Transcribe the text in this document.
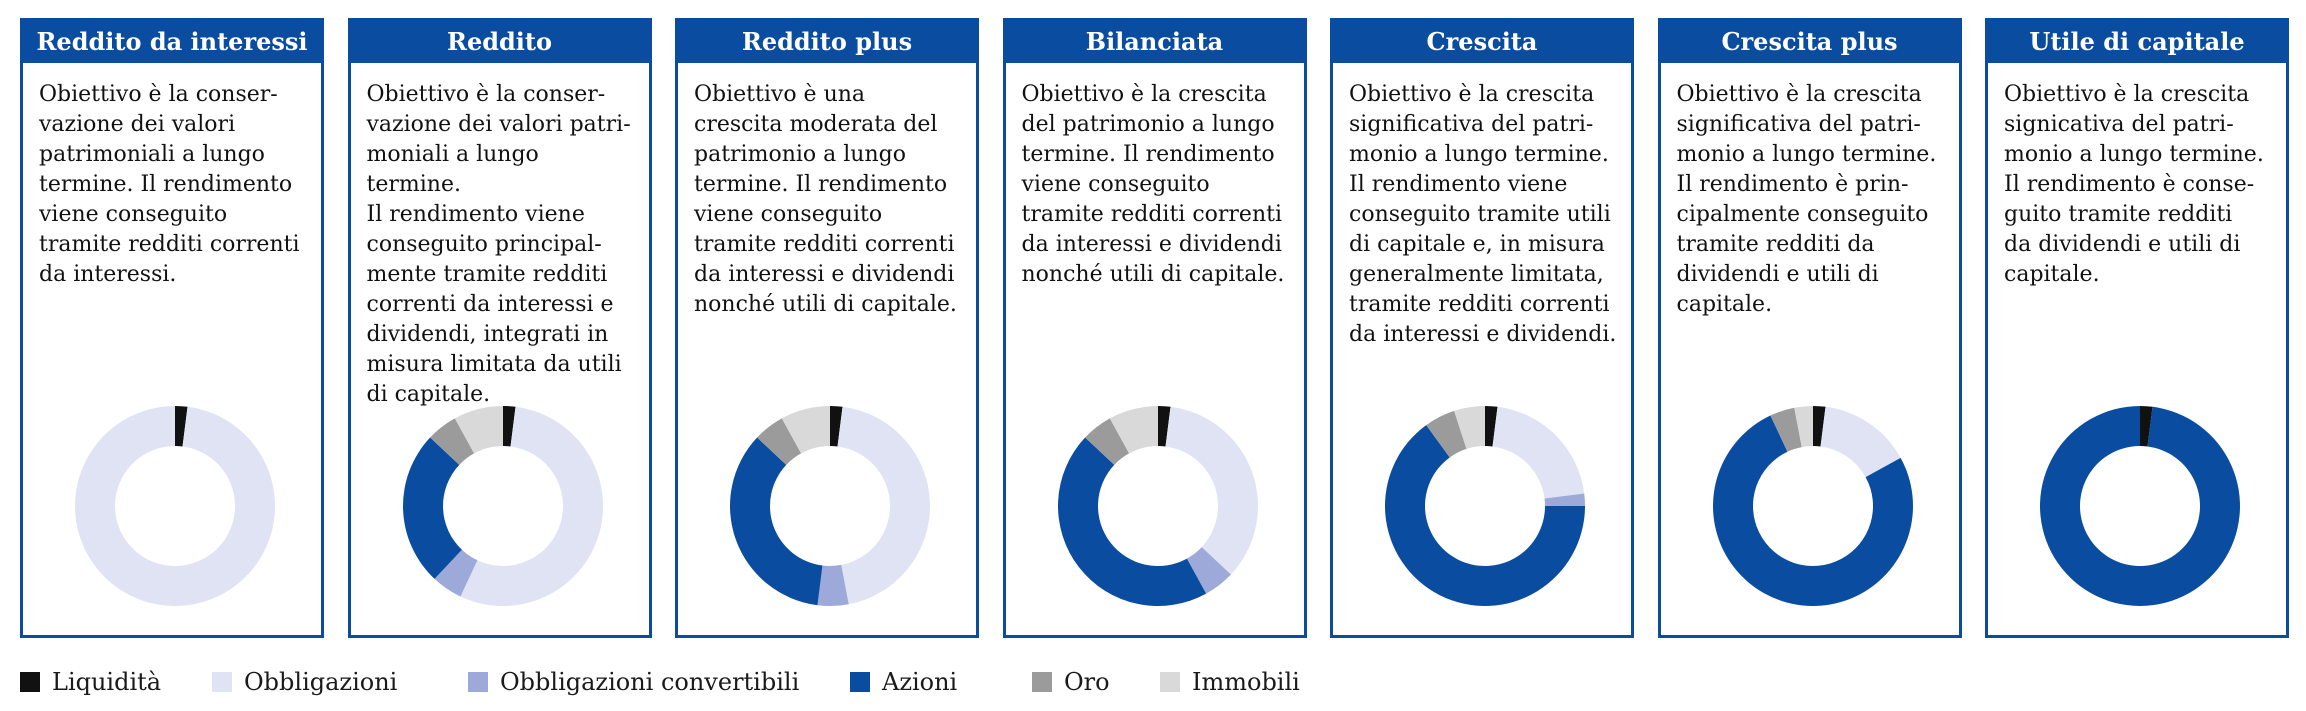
Reddito da interessi
Obiettivo è la conser-
vazione dei valori
patrimoniali a lungo
termine. Il rendimento
viene conseguito
tramite redditi correnti
da interessi.
Reddito
Obiettivo è la conser-
vazione dei valori patri-
moniali a lungo termine.
Il rendimento viene
conseguito principal-
mente tramite redditi
correnti da interessi e
dividendi, integrati in
misura limitata da utili
di capitale.
Reddito plus
Obiettivo è una
crescita moderata del
patrimonio a lungo
termine. Il rendimento
viene conseguito
tramite redditi correnti
da interessi e dividendi
nonché utili di capitale.
Bilanciata
Obiettivo è la crescita
del patrimonio a lungo
termine. Il rendimento
viene conseguito
tramite redditi correnti
da interessi e dividendi
nonché utili di capitale.
Crescita
Obiettivo è la crescita
significativa del patri-
monio a lungo termine.
Il rendimento viene
conseguito tramite utili
di capitale e, in misura
generalmente limitata,
tramite redditi correnti
da interessi e dividendi.
Crescita plus
Obiettivo è la crescita
significativa del patri-
monio a lungo termine.
Il rendimento è prin-
cipalmente conseguito
tramite redditi da
dividendi e utili di
capitale.
Utile di capitale
Obiettivo è la crescita
signicativa del patri-
monio a lungo termine.
Il rendimento è conse-
guito tramite redditi
da dividendi e utili di
capitale.
Liquidità	Obbligazioni	Obbligazioni convertibili	Azioni	Oro	Immobili
